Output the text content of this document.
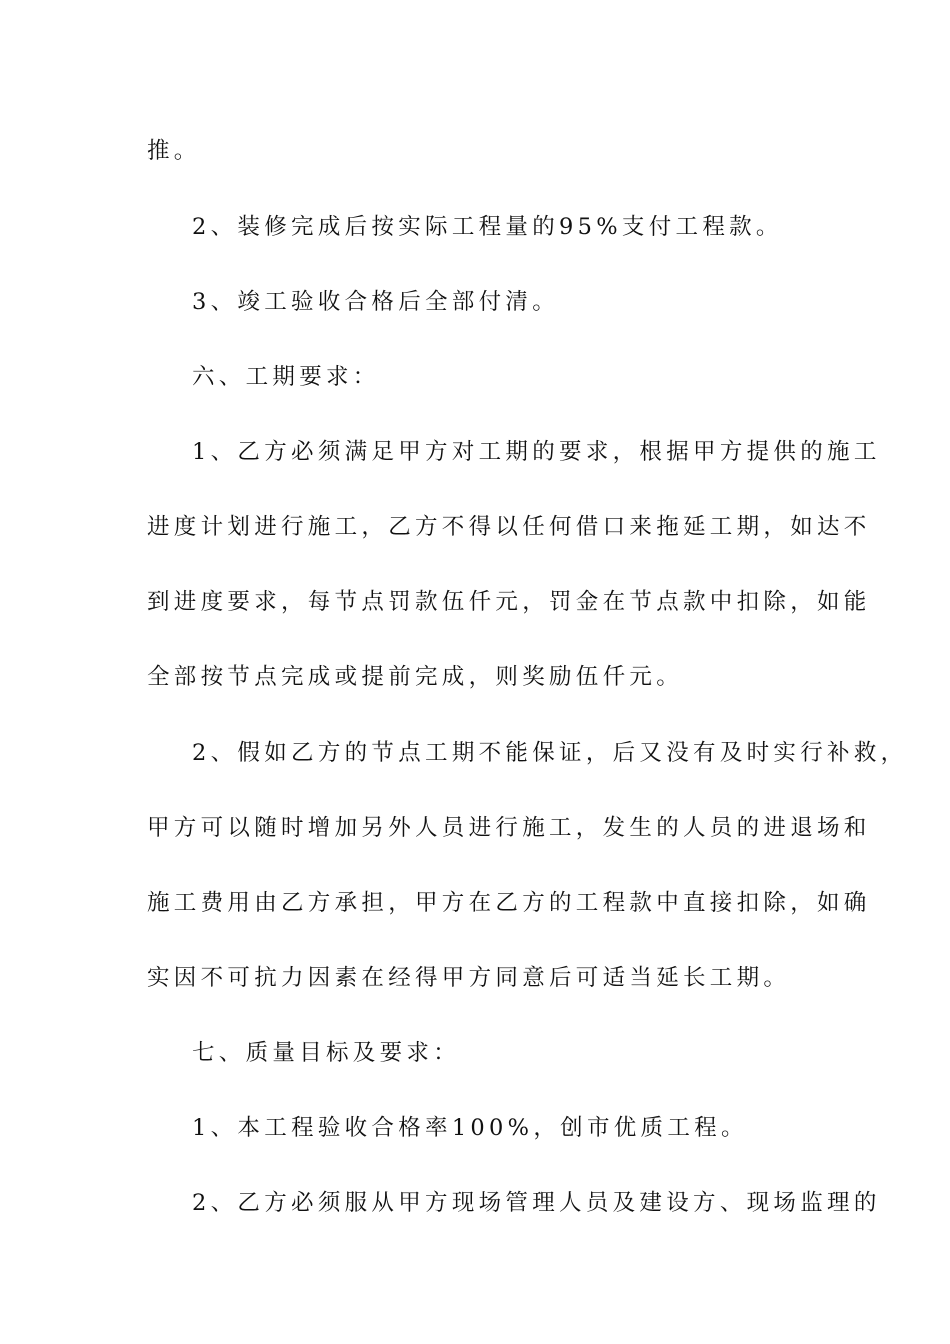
推。
2、装修完成后按实际工程量的95%支付工程款。
3、竣工验收合格后全部付清。
六、工期要求：
1、乙方必须满足甲方对工期的要求，根据甲方提供的施工
进度计划进行施工，乙方不得以任何借口来拖延工期，如达不
到进度要求，每节点罚款伍仟元，罚金在节点款中扣除，如能
全部按节点完成或提前完成，则奖励伍仟元。
2、假如乙方的节点工期不能保证，后又没有及时实行补救，
甲方可以随时增加另外人员进行施工，发生的人员的进退场和
施工费用由乙方承担，甲方在乙方的工程款中直接扣除，如确
实因不可抗力因素在经得甲方同意后可适当延长工期。
七、质量目标及要求：
1、本工程验收合格率100%，创市优质工程。
2、乙方必须服从甲方现场管理人员及建设方、现场监理的
